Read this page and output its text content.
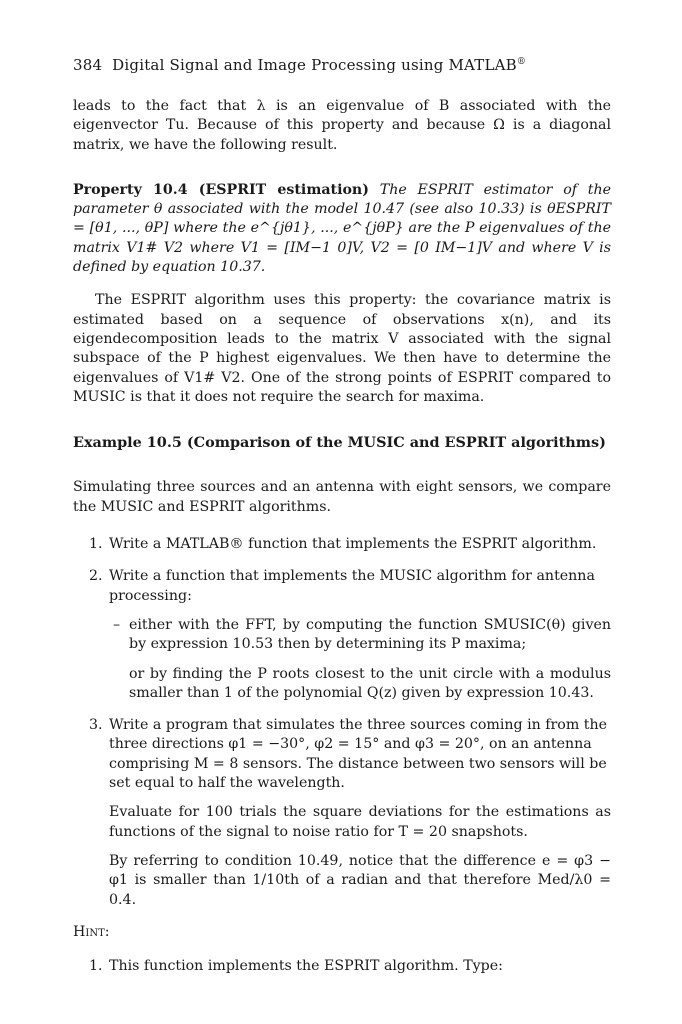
384 Digital Signal and Image Processing using MATLAB®

leads to the fact that λ is an eigenvalue of B associated with the eigenvector Tu. Because of this property and because Ω is a diagonal matrix, we have the following result.

Property 10.4 (ESPRIT estimation) The ESPRIT estimator of the parameter θ associated with the model 10.47 (see also 10.33) is θESPRIT = [θ1, ..., θP] where the e^{jθ1}, ..., e^{jθP} are the P eigenvalues of the matrix V1# V2 where V1 = [IM−1 0]V, V2 = [0 IM−1]V and where V is defined by equation 10.37.

The ESPRIT algorithm uses this property: the covariance matrix is estimated based on a sequence of observations x(n), and its eigendecomposition leads to the matrix V associated with the signal subspace of the P highest eigenvalues. We then have to determine the eigenvalues of V1# V2. One of the strong points of ESPRIT compared to MUSIC is that it does not require the search for maxima.

Example 10.5 (Comparison of the MUSIC and ESPRIT algorithms)

Simulating three sources and an antenna with eight sensors, we compare the MUSIC and ESPRIT algorithms.

1. Write a MATLAB® function that implements the ESPRIT algorithm.
2. Write a function that implements the MUSIC algorithm for antenna processing:

– either with the FFT, by computing the function SMUSIC(θ) given by expression 10.53 then by determining its P maxima;

or by finding the P roots closest to the unit circle with a modulus smaller than 1 of the polynomial Q(z) given by expression 10.43.

3. Write a program that simulates the three sources coming in from the three directions φ1 = −30°, φ2 = 15° and φ3 = 20°, on an antenna comprising M = 8 sensors. The distance between two sensors will be set equal to half the wavelength.

Evaluate for 100 trials the square deviations for the estimations as functions of the signal to noise ratio for T = 20 snapshots.

By referring to condition 10.49, notice that the difference e = φ3 − φ1 is smaller than 1/10th of a radian and that therefore Med/λ0 = 0.4.

Hint:

1. This function implements the ESPRIT algorithm. Type:
